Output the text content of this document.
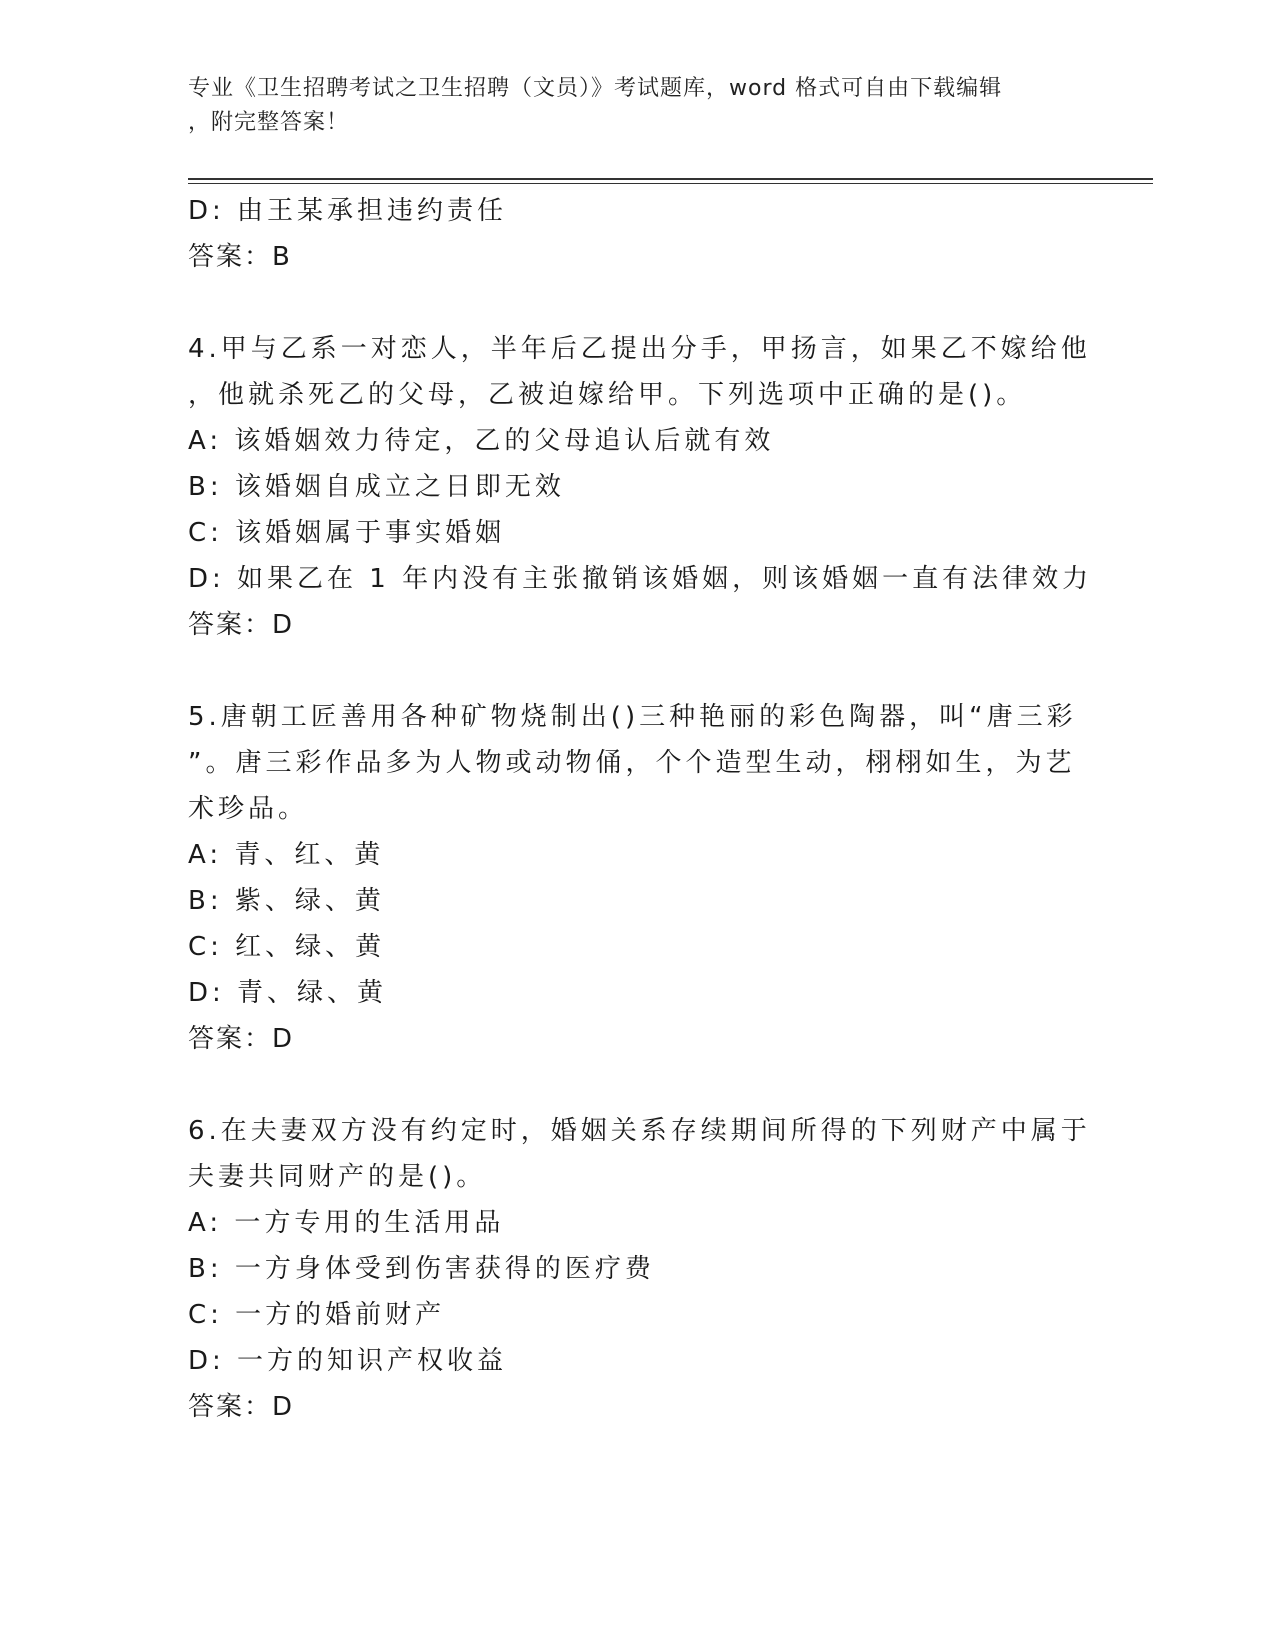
专业《卫生招聘考试之卫生招聘（文员）》考试题库，word 格式可自由下载编辑
，附完整答案！
D: 由王某承担违约责任
答案：B
4.甲与乙系一对恋人，半年后乙提出分手，甲扬言，如果乙不嫁给他
，他就杀死乙的父母，乙被迫嫁给甲。下列选项中正确的是()。
A: 该婚姻效力待定，乙的父母追认后就有效
B: 该婚姻自成立之日即无效
C: 该婚姻属于事实婚姻
D: 如果乙在 1 年内没有主张撤销该婚姻，则该婚姻一直有法律效力
答案：D
5.唐朝工匠善用各种矿物烧制出()三种艳丽的彩色陶器，叫“唐三彩
”。唐三彩作品多为人物或动物俑，个个造型生动，栩栩如生，为艺
术珍品。
A: 青、红、黄
B: 紫、绿、黄
C: 红、绿、黄
D: 青、绿、黄
答案：D
6.在夫妻双方没有约定时，婚姻关系存续期间所得的下列财产中属于
夫妻共同财产的是()。
A: 一方专用的生活用品
B: 一方身体受到伤害获得的医疗费
C: 一方的婚前财产
D: 一方的知识产权收益
答案：D
